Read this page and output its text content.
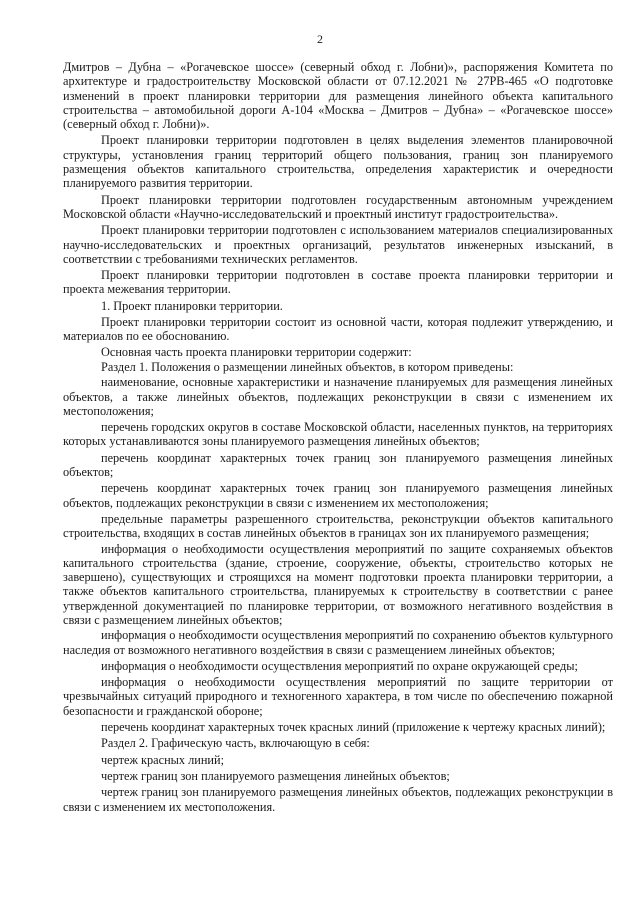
2

Дмитров – Дубна – «Рогачевское шоссе» (северный обход г. Лобни)», распоряжения Комитета по архитектуре и градостроительству Московской области от 07.12.2021 № 27РВ-465 «О подготовке изменений в проект планировки территории для размещения линейного объекта капитального строительства – автомобильной дороги А-104 «Москва – Дмитров – Дубна» – «Рогачевское шоссе» (северный обход г. Лобни)».

Проект планировки территории подготовлен в целях выделения элементов планировочной структуры, установления границ территорий общего пользования, границ зон планируемого размещения объектов капитального строительства, определения характеристик и очередности планируемого развития территории.

Проект планировки территории подготовлен государственным автономным учреждением Московской области «Научно-исследовательский и проектный институт градостроительства».

Проект планировки территории подготовлен с использованием материалов специализированных научно-исследовательских и проектных организаций, результатов инженерных изысканий, в соответствии с требованиями технических регламентов.

Проект планировки территории подготовлен в составе проекта планировки территории и проекта межевания территории.

1. Проект планировки территории.

Проект планировки территории состоит из основной части, которая подлежит утверждению, и материалов по ее обоснованию.

Основная часть проекта планировки территории содержит:

Раздел 1. Положения о размещении линейных объектов, в котором приведены:

наименование, основные характеристики и назначение планируемых для размещения линейных объектов, а также линейных объектов, подлежащих реконструкции в связи с изменением их местоположения;

перечень городских округов в составе Московской области, населенных пунктов, на территориях которых устанавливаются зоны планируемого размещения линейных объектов;

перечень координат характерных точек границ зон планируемого размещения линейных объектов;

перечень координат характерных точек границ зон планируемого размещения линейных объектов, подлежащих реконструкции в связи с изменением их местоположения;

предельные параметры разрешенного строительства, реконструкции объектов капитального строительства, входящих в состав линейных объектов в границах зон их планируемого размещения;

информация о необходимости осуществления мероприятий по защите сохраняемых объектов капитального строительства (здание, строение, сооружение, объекты, строительство которых не завершено), существующих и строящихся на момент подготовки проекта планировки территории, а также объектов капитального строительства, планируемых к строительству в соответствии с ранее утвержденной документацией по планировке территории, от возможного негативного воздействия в связи с размещением линейных объектов;

информация о необходимости осуществления мероприятий по сохранению объектов культурного наследия от возможного негативного воздействия в связи с размещением линейных объектов;

информация о необходимости осуществления мероприятий по охране окружающей среды;

информация о необходимости осуществления мероприятий по защите территории от чрезвычайных ситуаций природного и техногенного характера, в том числе по обеспечению пожарной безопасности и гражданской обороне;

перечень координат характерных точек красных линий (приложение к чертежу красных линий);

Раздел 2. Графическую часть, включающую в себя:

чертеж красных линий;

чертеж границ зон планируемого размещения линейных объектов;

чертеж границ зон планируемого размещения линейных объектов, подлежащих реконструкции в связи с изменением их местоположения.
